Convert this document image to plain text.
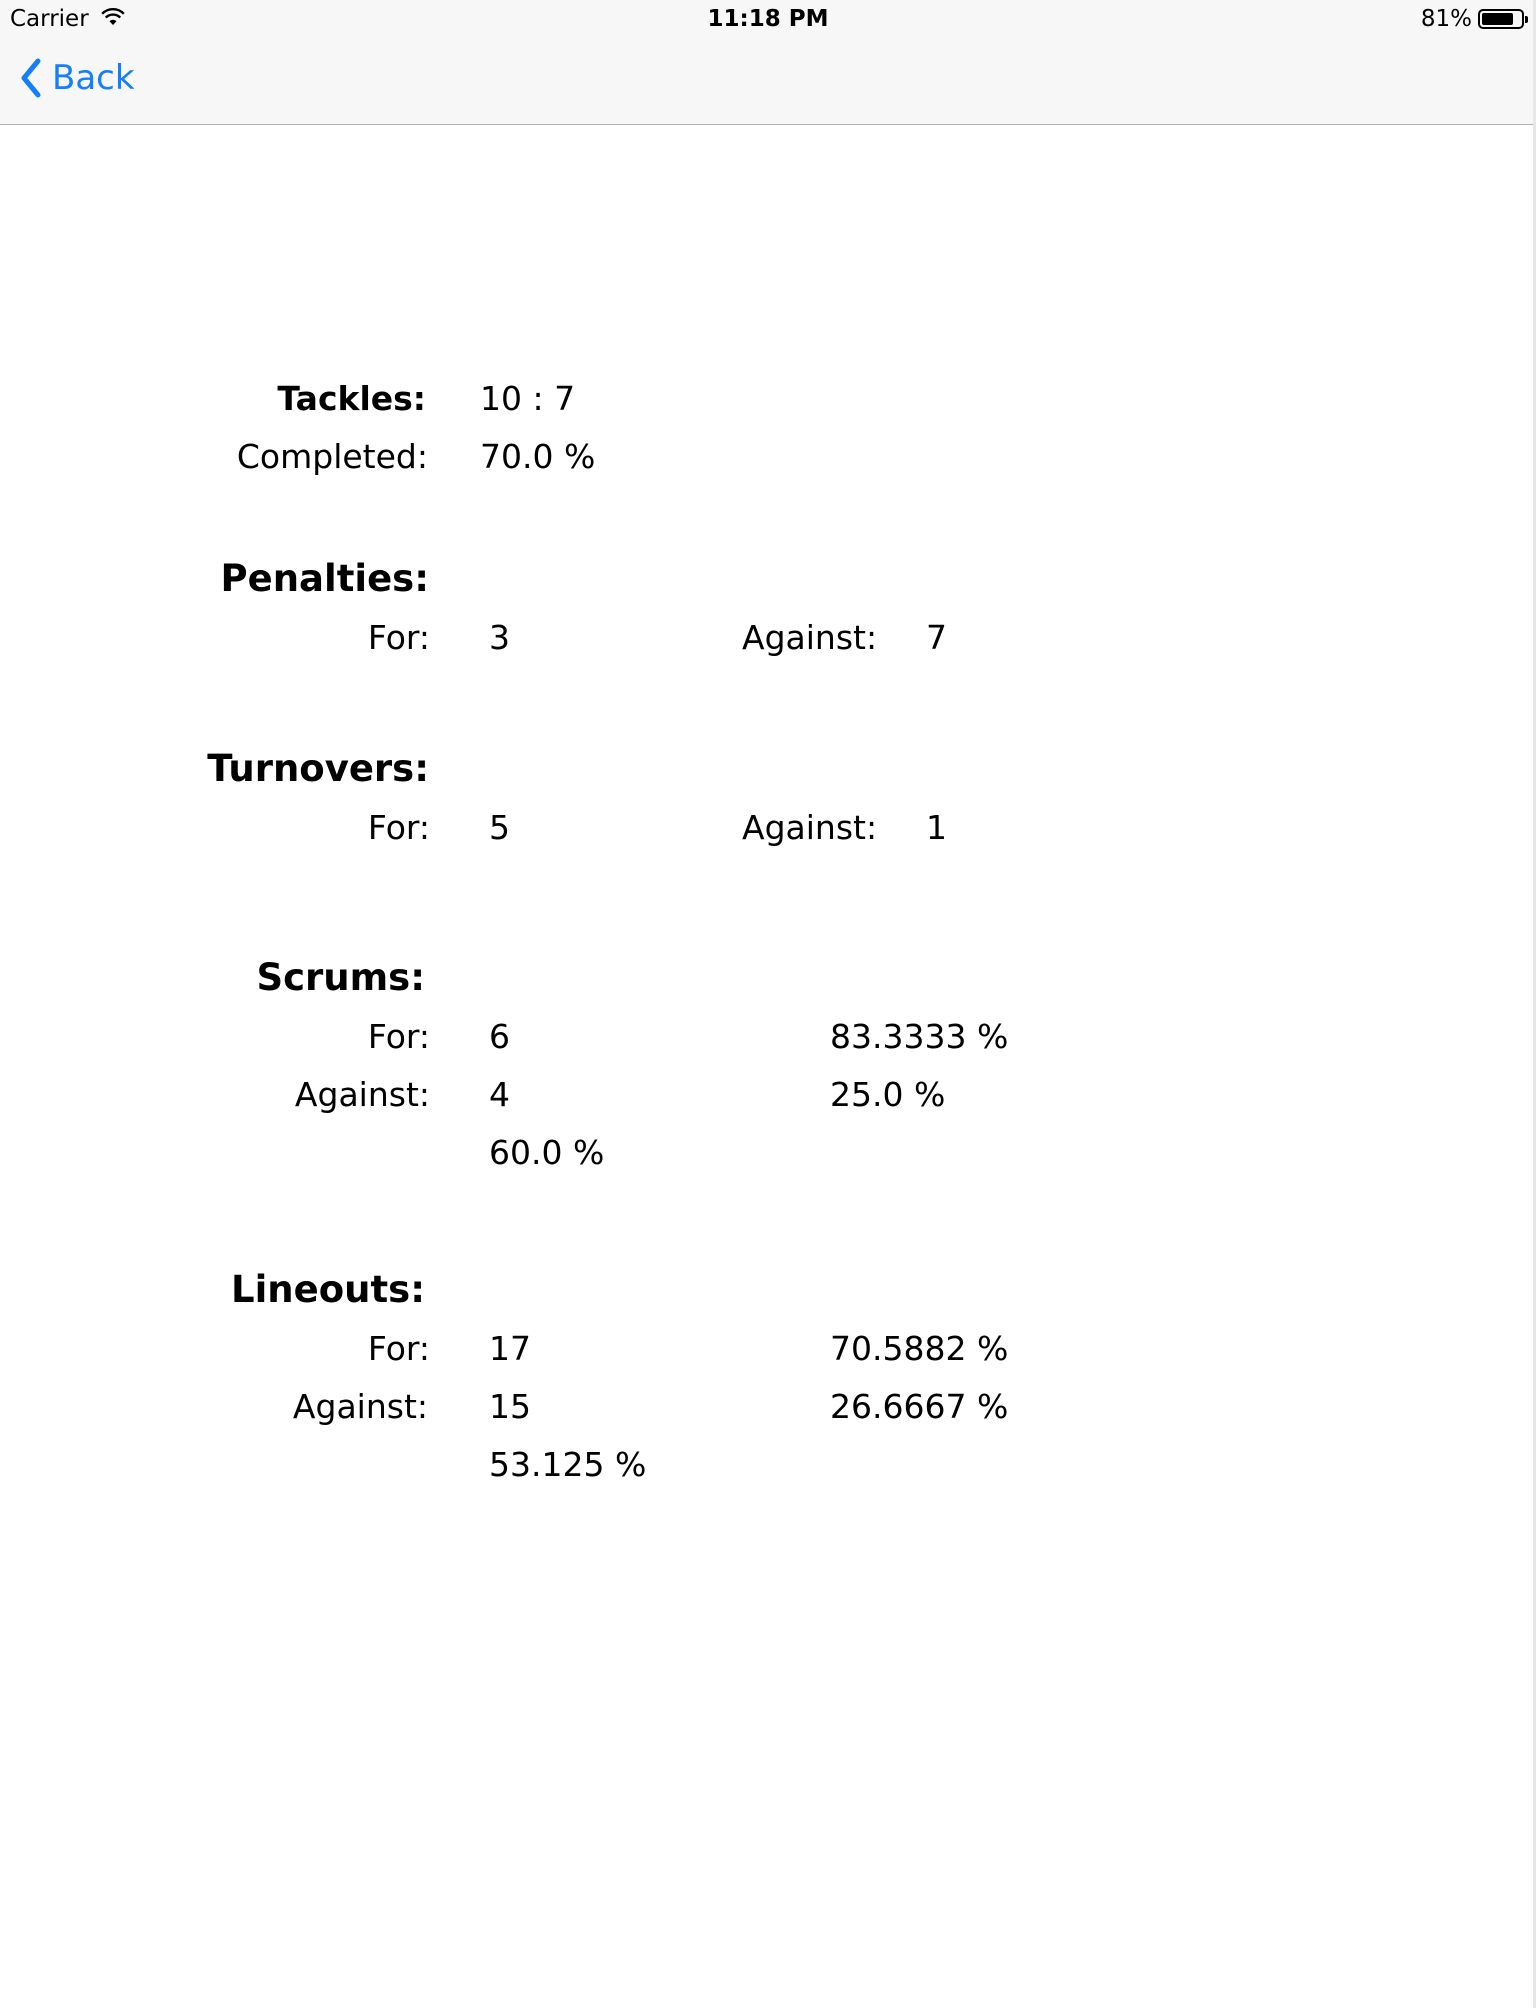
Carrier	11:18 PM	81%
Back
Tackles: 10 : 7
Completed: 70.0 %
Penalties:
For: 3	Against: 7
Turnovers:
For: 5	Against: 1
Scrums:
For: 6	83.3333 %
Against: 4	25.0 %
60.0 %
Lineouts:
For: 17	70.5882 %
Against: 15	26.6667 %
53.125 %
